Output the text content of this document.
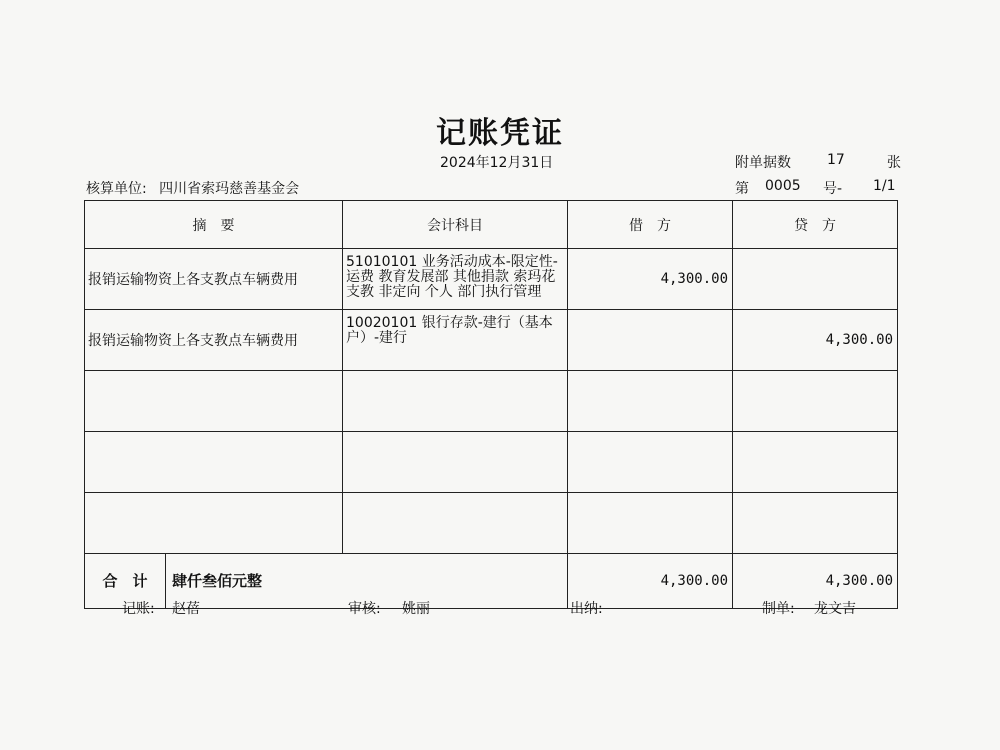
记账凭证
2024年12月31日	附单据数	17	张
核算单位: 四川省索玛慈善基金会	第 0005 号- 1/1
摘　要	会计科目	借　方	贷　方
报销运输物资上各支教点车辆费用	51010101 业务活动成本-限定性-运费 教育发展部 其他捐款 索玛花支教 非定向 个人 部门执行管理	4,300.00	
报销运输物资上各支教点车辆费用	10020101 银行存款-建行（基本户）-建行		4,300.00

合　计 肆仟叁佰元整		4,300.00	4,300.00
记账: 赵蓓	审核: 姚丽	出纳:	制单: 龙文吉
